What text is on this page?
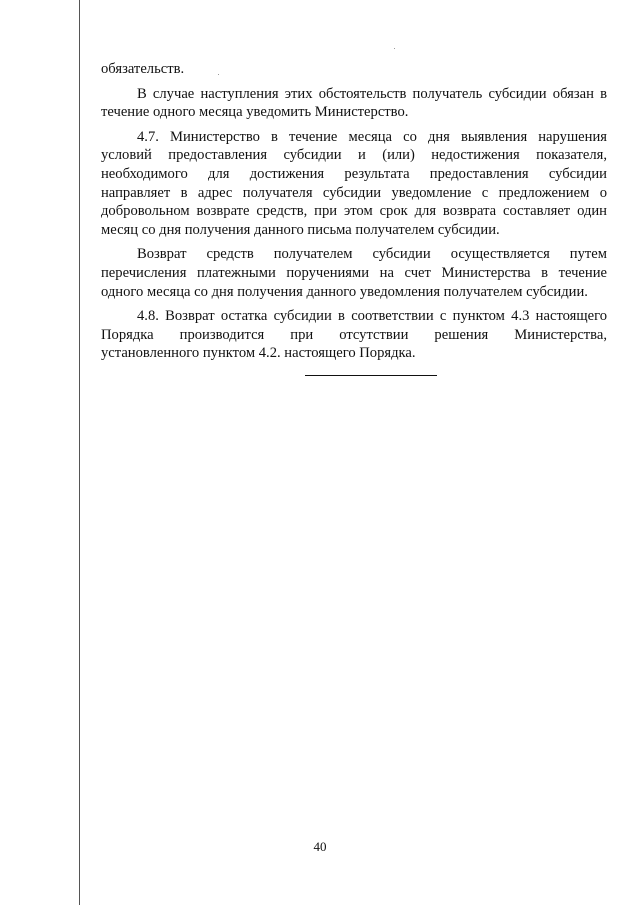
обязательств.

В случае наступления этих обстоятельств получатель субсидии обязан в
течение одного месяца уведомить Министерство.

4.7. Министерство в течение месяца со дня выявления нарушения
условий предоставления субсидии и (или) недостижения показателя,
необходимого для достижения результата предоставления субсидии
направляет в адрес получателя субсидии уведомление с предложением о
добровольном возврате средств, при этом срок для возврата составляет один
месяц со дня получения данного письма получателем субсидии.

Возврат средств получателем субсидии осуществляется путем
перечисления платежными поручениями на счет Министерства в течение
одного месяца со дня получения данного уведомления получателем субсидии.

4.8. Возврат остатка субсидии в соответствии с пунктом 4.3 настоящего
Порядка производится при отсутствии решения Министерства,
установленного пунктом 4.2. настоящего Порядка.

40
